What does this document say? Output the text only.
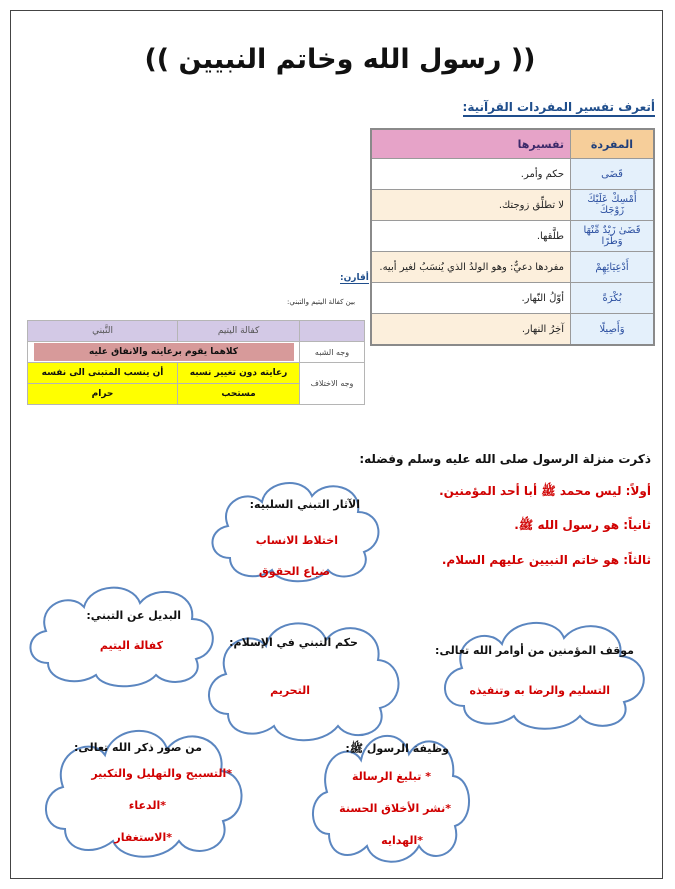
(( رسول الله وخاتم النبيين ))
أتعرف تفسير المفردات القرآنية:
المفردة	تفسيرها
قَضَى	حكم وأمر.
أَمْسِكْ عَلَيْكَ زَوْجَكَ	لا تطلِّق زوجتك.
قَضَىٰ زَيْدٌ مِّنْهَا وَطَرًا	طلَّقها.
أَدْعِيَائِهِمْ	مفردها دعيٌّ: وهو الولدُ الذي يُنسَبُ لغير أبيه.
بُكْرَةً	أوّلُ النّهار.
وَأَصِيلًا	آخِرُ النهار.
أقارن:
بين كفالة اليتيم والتبني:
	كفالة اليتيم	التَّبني
وجه الشبه	كلاهما يقوم برعايته والانفاق عليه	

وجه الاختلاف	رعايته دون تغيير نسبه	أن ينسب المتبنى الى نفسه
	مستحب	حرام
ذكرت منزلة الرسول صلى الله عليه وسلم وفضله:
أولاً: ليس محمد ﷺ أبا أحد المؤمنين.
ثانياً: هو رسول الله ﷺ.
ثالثاً: هو خاتم النبيين عليهم السلام.
الآثار التبني السلبيه:
اختلاط الانساب
ضياع الحقوق
البديل عن التبني:
كفالة اليتيم	حكم التبني في الإسلام:
التحريم
موقف المؤمنين من أوامر الله تعالى:
التسليم والرضا به وتنفيذه
من صور ذكر الله تعالى:
*التسبيح والتهليل والتكبير
*الدعاء
*الاستغفار
وظيفة الرسول ﷺ:
* تبليغ الرسالة
*نشر الأخلاق الحسنة
*الهدايه
